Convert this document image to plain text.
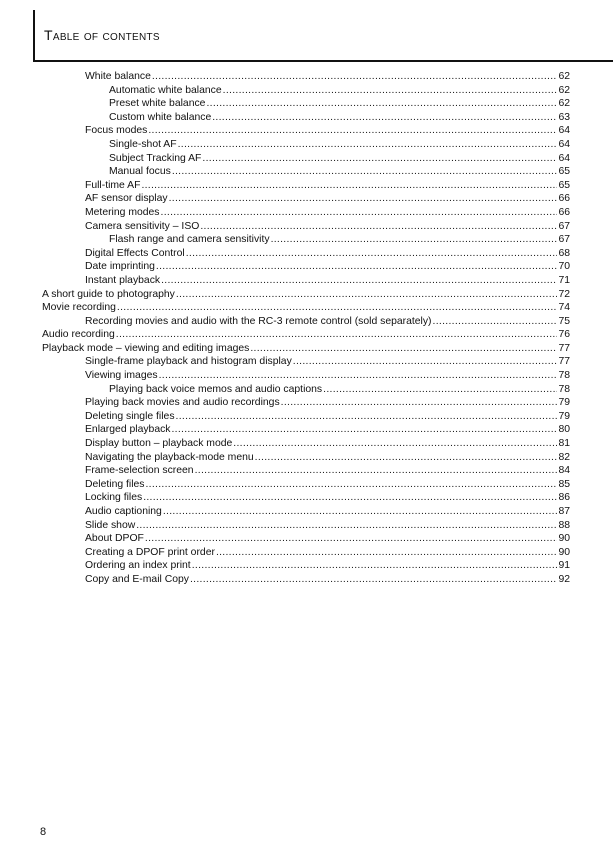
Table of contents
White balance .....	62
Automatic white balance .....	62
Preset white balance .....	62
Custom white balance .....	63
Focus modes .....	64
Single-shot AF .....	64
Subject Tracking AF .....	64
Manual focus .....	65
Full-time AF .....	65
AF sensor display .....	66
Metering modes .....	66
Camera sensitivity – ISO .....	67
Flash range and camera sensitivity .....	67
Digital Effects Control .....	68
Date imprinting .....	70
Instant playback .....	71
A short guide to photography .....	72
Movie recording .....	74
Recording movies and audio with the RC-3 remote control (sold separately) .....	75
Audio recording .....	76
Playback mode – viewing and editing images .....	77
Single-frame playback and histogram display .....	77
Viewing images .....	78
Playing back voice memos and audio captions .....	78
Playing back movies and audio recordings .....	79
Deleting single files .....	79
Enlarged playback .....	80
Display button – playback mode .....	81
Navigating the playback-mode menu .....	82
Frame-selection screen .....	84
Deleting files .....	85
Locking files .....	86
Audio captioning .....	87
Slide show .....	88
About DPOF .....	90
Creating a DPOF print order .....	90
Ordering an index print .....	91
Copy and E-mail Copy .....	92
8
